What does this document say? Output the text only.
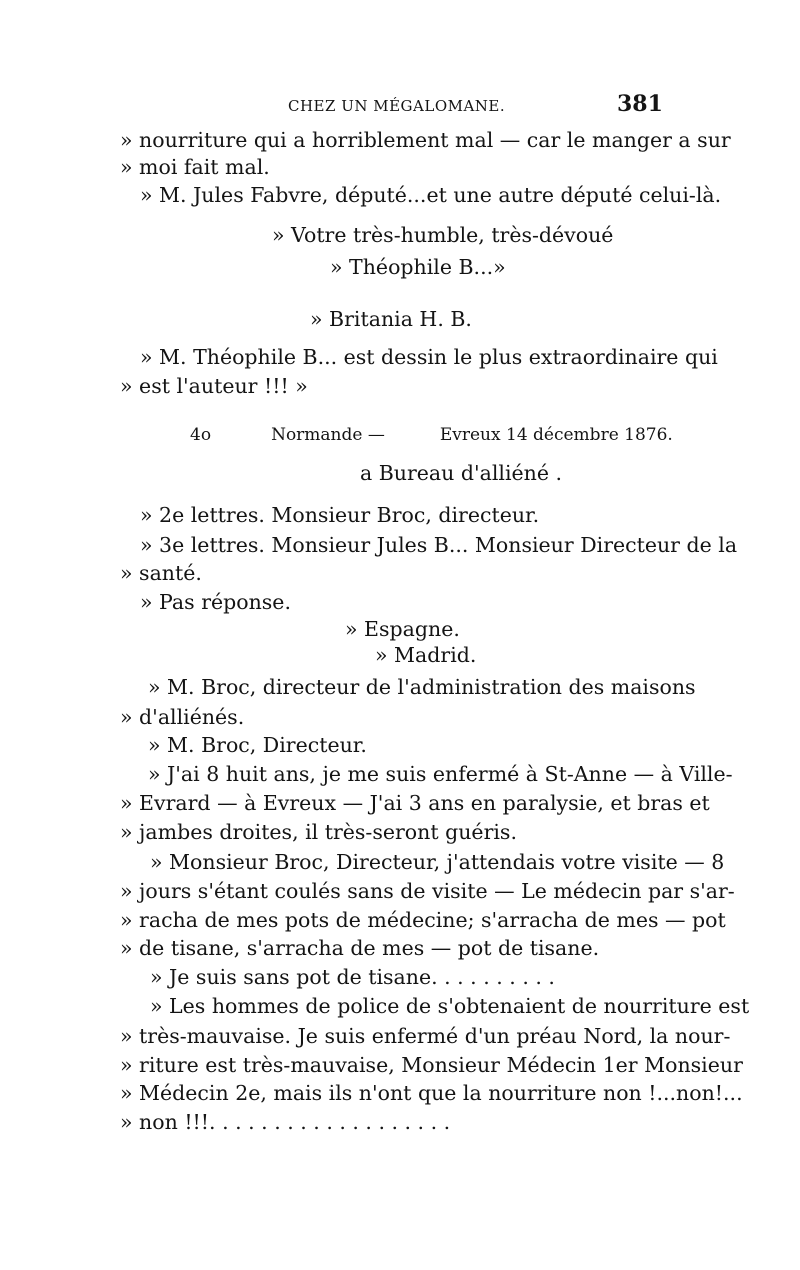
CHEZ UN MÉGALOMANE.	381
» nourriture qui a horriblement mal — car le manger a sur
» moi fait mal.
» M. Jules Fabvre, député...et une autre député celui-là.
» Votre très-humble, très-dévoué
» Théophile B...»
» Britania H. B.
» M. Théophile B... est dessin le plus extraordinaire qui
» est l'auteur !!! »
4o	Normande —	Evreux 14 décembre 1876.
a Bureau d'alliéné .
» 2e lettres. Monsieur Broc, directeur.
» 3e lettres. Monsieur Jules B... Monsieur Directeur de la
» santé.
» Pas réponse.
» Espagne.
» Madrid.
» M. Broc, directeur de l'administration des maisons
» d'alliénés.
» M. Broc, Directeur.
» J'ai 8 huit ans, je me suis enfermé à St-Anne — à Ville-
» Evrard — à Evreux — J'ai 3 ans en paralysie, et bras et
» jambes droites, il très-seront guéris.
» Monsieur Broc, Directeur, j'attendais votre visite — 8
» jours s'étant coulés sans de visite — Le médecin par s'ar-
» racha de mes pots de médecine; s'arracha de mes — pot
» de tisane, s'arracha de mes — pot de tisane.
» Je suis sans pot de tisane. . . . . . . . . .
» Les hommes de police de s'obtenaient de nourriture est
» très-mauvaise. Je suis enfermé d'un préau Nord, la nour-
» riture est très-mauvaise, Monsieur Médecin 1er Monsieur
» Médecin 2e, mais ils n'ont que la nourriture non !...non!...
» non !!!. . . . . . . . . . . . . . . . . . .
